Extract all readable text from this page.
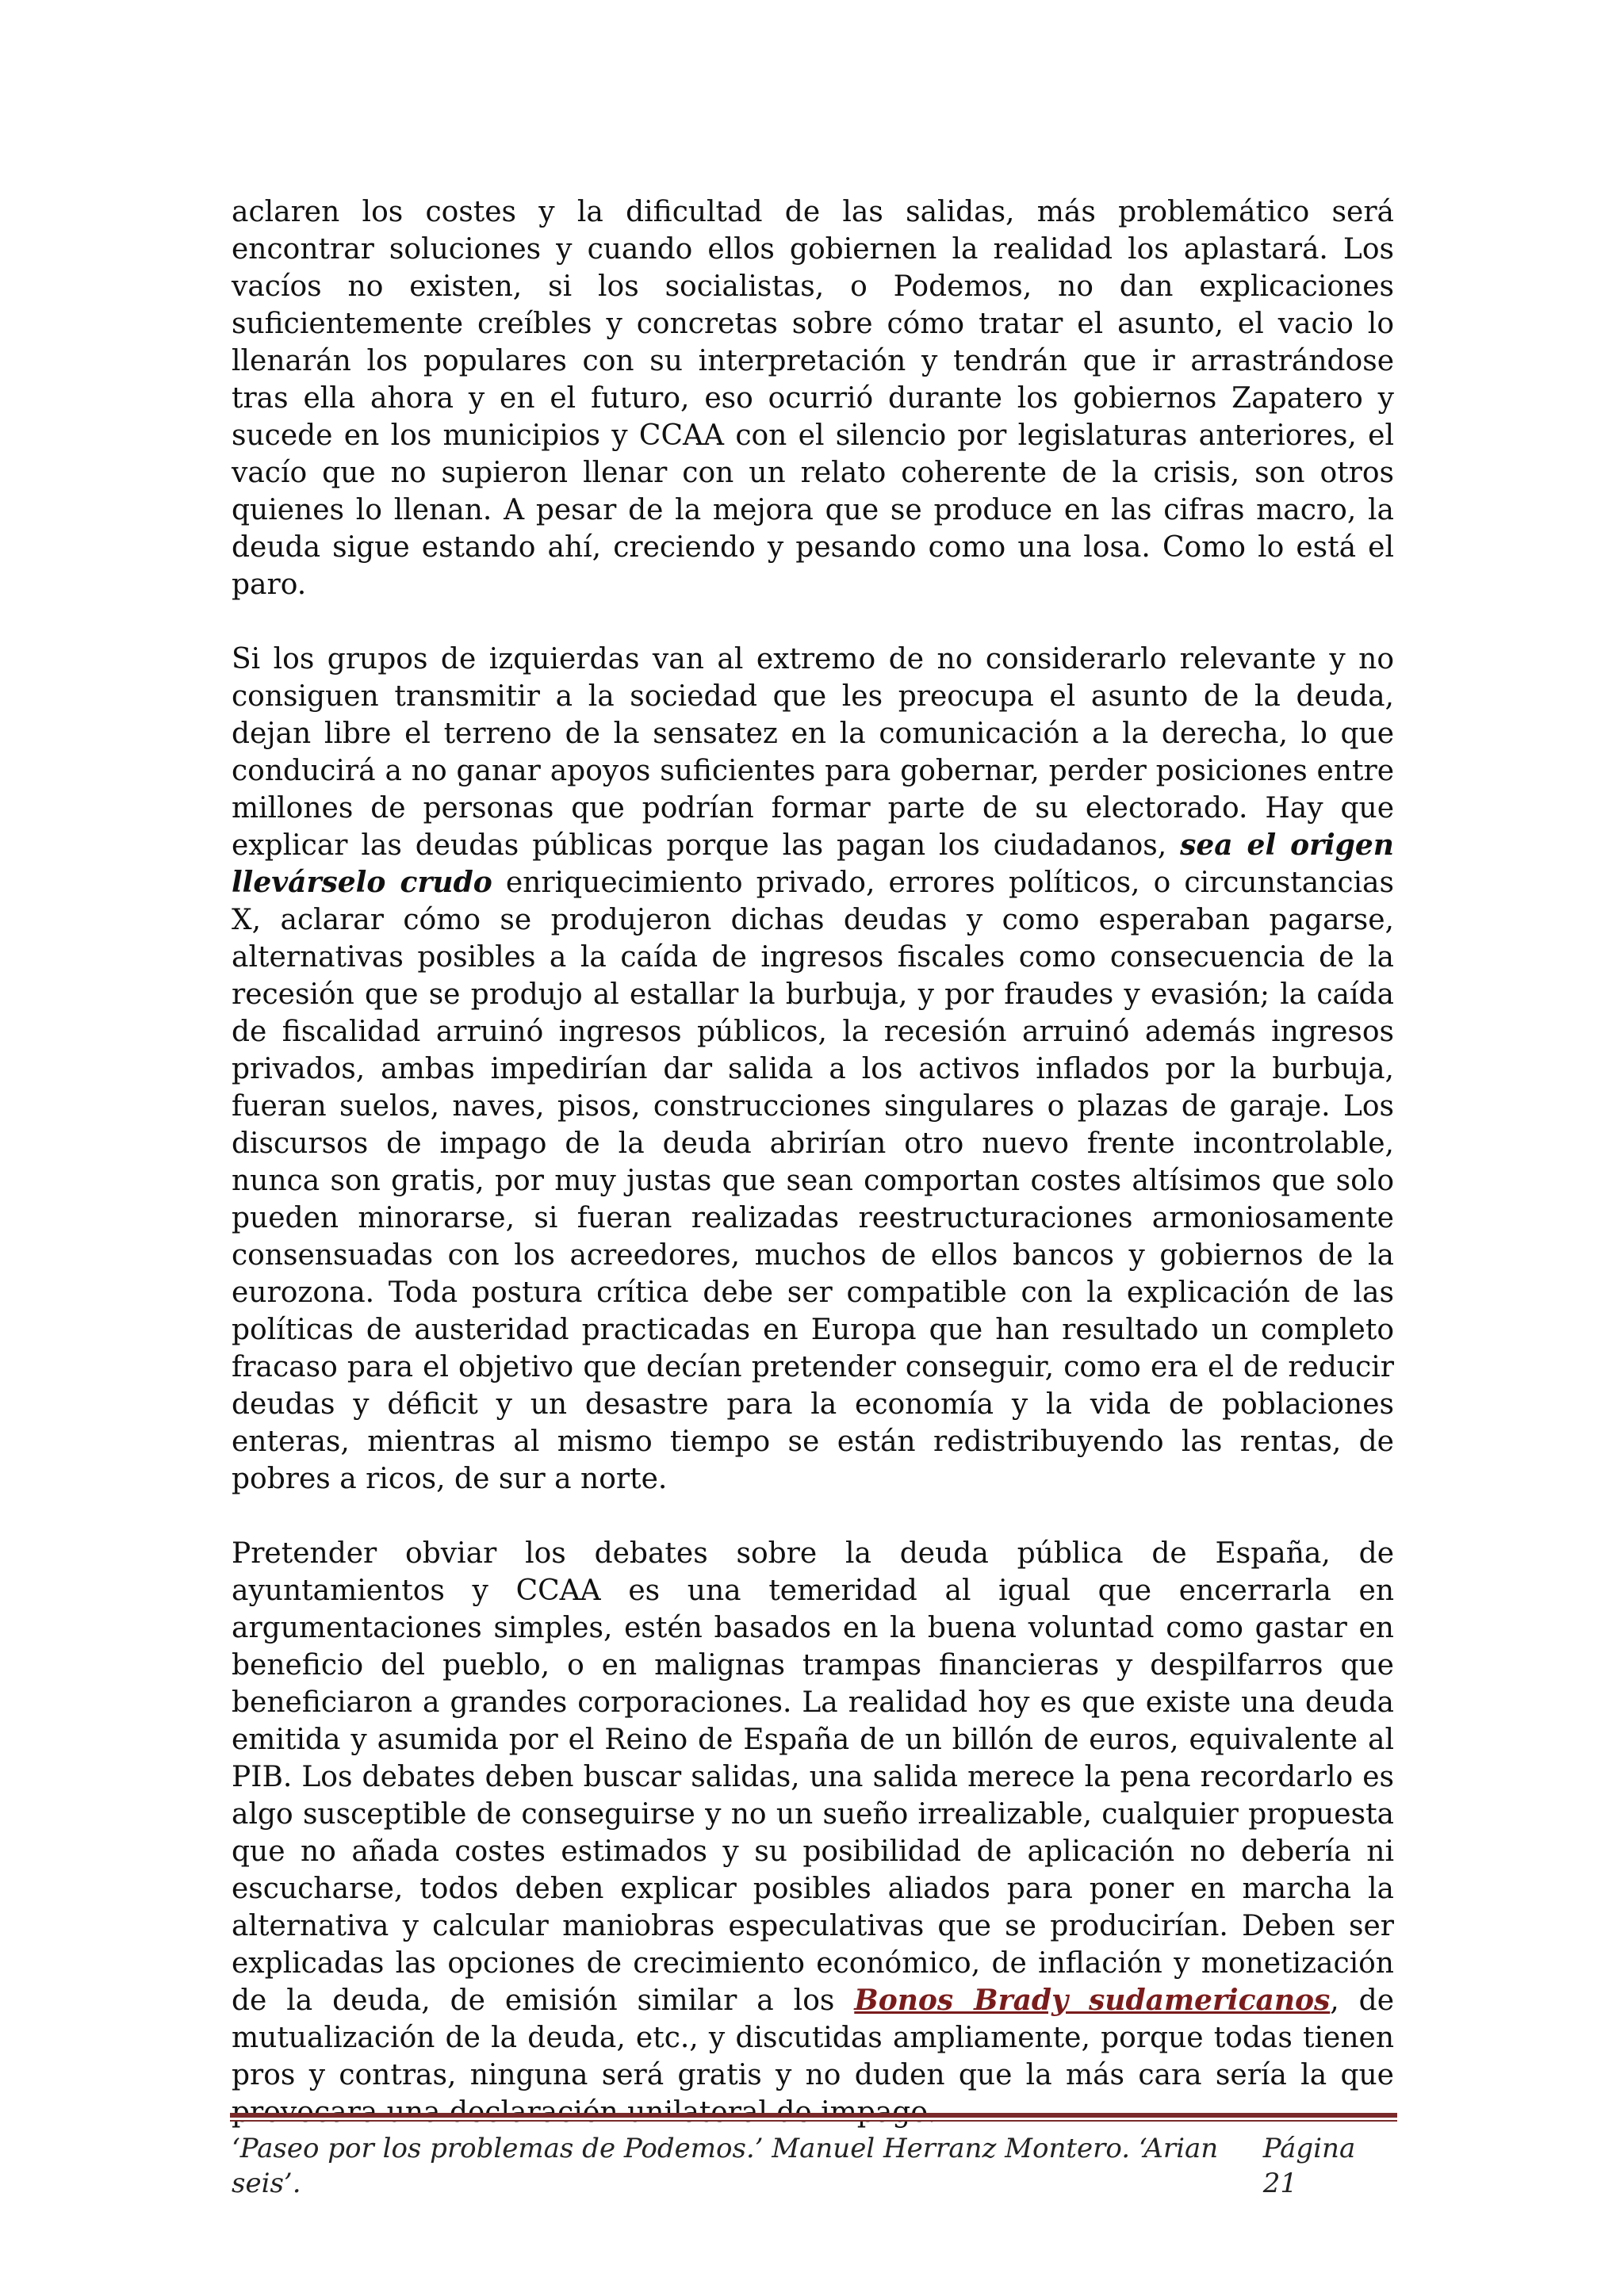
aclaren los costes y la dificultad de las salidas, más problemático será encontrar soluciones y cuando ellos gobiernen la realidad los aplastará. Los vacíos no existen, si los socialistas, o Podemos, no dan explicaciones suficientemente creíbles y concretas sobre cómo tratar el asunto, el vacio lo llenarán los populares con su interpretación y tendrán que ir arrastrándose tras ella ahora y en el futuro, eso ocurrió durante los gobiernos Zapatero y sucede en los municipios y CCAA con el silencio por legislaturas anteriores, el vacío que no supieron llenar con un relato coherente de la crisis, son otros quienes lo llenan. A pesar de la mejora que se produce en las cifras macro, la deuda sigue estando ahí, creciendo y pesando como una losa. Como lo está el paro.

Si los grupos de izquierdas van al extremo de no considerarlo relevante y no consiguen transmitir a la sociedad que les preocupa el asunto de la deuda, dejan libre el terreno de la sensatez en la comunicación a la derecha, lo que conducirá a no ganar apoyos suficientes para gobernar, perder posiciones entre millones de personas que podrían formar parte de su electorado. Hay que explicar las deudas públicas porque las pagan los ciudadanos, sea el origen llevárselo crudo enriquecimiento privado, errores políticos, o circunstancias X, aclarar cómo se produjeron dichas deudas y como esperaban pagarse, alternativas posibles a la caída de ingresos fiscales como consecuencia de la recesión que se produjo al estallar la burbuja, y por fraudes y evasión; la caída de fiscalidad arruinó ingresos públicos, la recesión arruinó además ingresos privados, ambas impedirían dar salida a los activos inflados por la burbuja, fueran suelos, naves, pisos, construcciones singulares o plazas de garaje. Los discursos de impago de la deuda abrirían otro nuevo frente incontrolable, nunca son gratis, por muy justas que sean comportan costes altísimos que solo pueden minorarse, si fueran realizadas reestructuraciones armoniosamente consensuadas con los acreedores, muchos de ellos bancos y gobiernos de la eurozona. Toda postura crítica debe ser compatible con la explicación de las políticas de austeridad practicadas en Europa que han resultado un completo fracaso para el objetivo que decían pretender conseguir, como era el de reducir deudas y déficit y un desastre para la economía y la vida de poblaciones enteras, mientras al mismo tiempo se están redistribuyendo las rentas, de pobres a ricos, de sur a norte.

Pretender obviar los debates sobre la deuda pública de España, de ayuntamientos y CCAA es una temeridad al igual que encerrarla en argumentaciones simples, estén basados en la buena voluntad como gastar en beneficio del pueblo, o en malignas trampas financieras y despilfarros que beneficiaron a grandes corporaciones. La realidad hoy es que existe una deuda emitida y asumida por el Reino de España de un billón de euros, equivalente al PIB. Los debates deben buscar salidas, una salida merece la pena recordarlo es algo susceptible de conseguirse y no un sueño irrealizable, cualquier propuesta que no añada costes estimados y su posibilidad de aplicación no debería ni escucharse, todos deben explicar posibles aliados para poner en marcha la alternativa y calcular maniobras especulativas que se producirían. Deben ser explicadas las opciones de crecimiento económico, de inflación y monetización de la deuda, de emisión similar a los Bonos Brady sudamericanos, de mutualización de la deuda, etc., y discutidas ampliamente, porque todas tienen pros y contras, ninguna será gratis y no duden que la más cara sería la que

‘Paseo por los problemas de Podemos.’ Manuel Herranz Montero. ‘Arian seis’.
Página 21
